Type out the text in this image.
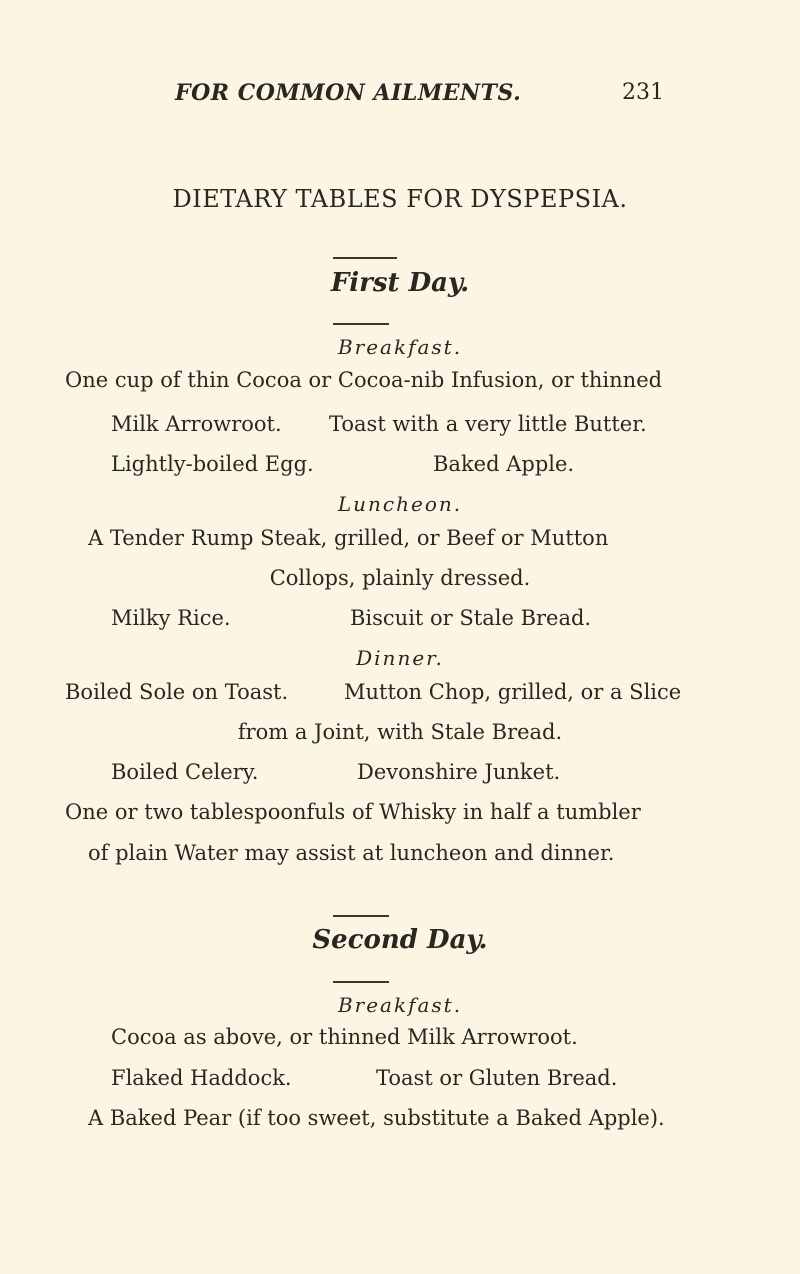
FOR COMMON AILMENTS.	231
DIETARY TABLES FOR DYSPEPSIA.
First Day.
Breakfast.
One cup of thin Cocoa or Cocoa-nib Infusion, or thinned
Milk Arrowroot. Toast with a very little Butter.
Lightly-boiled Egg.	Baked Apple.
Luncheon.
A Tender Rump Steak, grilled, or Beef or Mutton
Collops, plainly dressed.
Milky Rice.	Biscuit or Stale Bread.
Dinner.
Boiled Sole on Toast.	Mutton Chop, grilled, or a Slice
from a Joint, with Stale Bread.
Boiled Celery.	Devonshire Junket.
One or two tablespoonfuls of Whisky in half a tumbler
of plain Water may assist at luncheon and dinner.
Second Day.
Breakfast.
Cocoa as above, or thinned Milk Arrowroot.
Flaked Haddock.	Toast or Gluten Bread.
A Baked Pear (if too sweet, substitute a Baked Apple).
